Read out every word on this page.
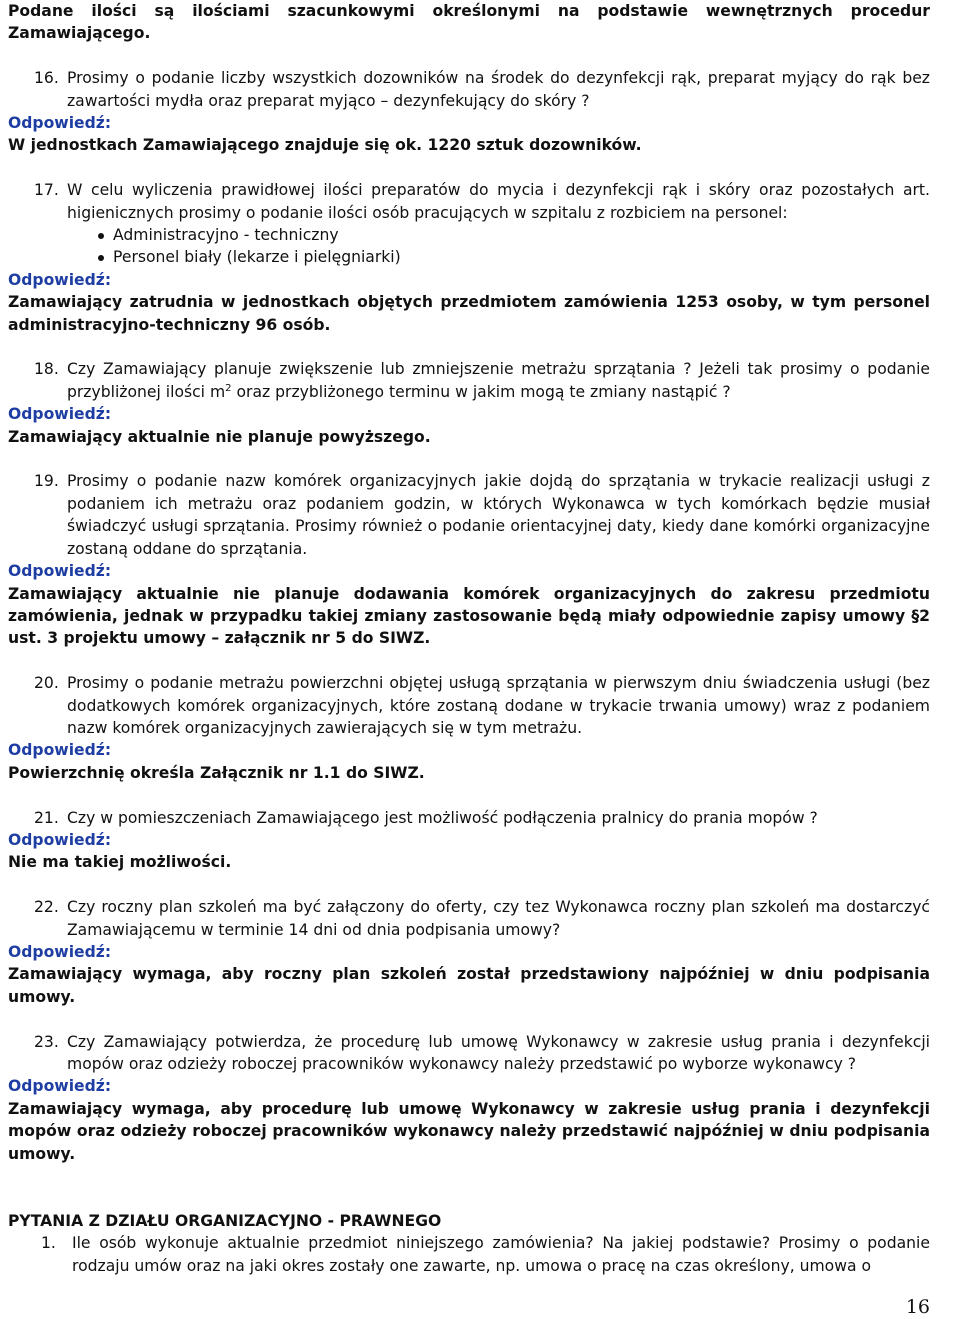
Podane ilości są ilościami szacunkowymi określonymi na podstawie wewnętrznych procedur Zamawiającego.

16. Prosimy o podanie liczby wszystkich dozowników na środek do dezynfekcji rąk, preparat myjący do rąk bez zawartości mydła oraz preparat myjąco – dezynfekujący do skóry ?

Odpowiedź:

W jednostkach Zamawiającego znajduje się ok. 1220 sztuk dozowników.

17. W celu wyliczenia prawidłowej ilości preparatów do mycia i dezynfekcji rąk i skóry oraz pozostałych art. higienicznych prosimy o podanie ilości osób pracujących w szpitalu z rozbiciem na personel:

Administracyjno - techniczny
Personel biały (lekarze i pielęgniarki)

Odpowiedź:

Zamawiający zatrudnia w jednostkach objętych przedmiotem zamówienia 1253 osoby, w tym personel administracyjno-techniczny 96 osób.

18. Czy Zamawiający planuje zwiększenie lub zmniejszenie metrażu sprzątania ? Jeżeli tak prosimy o podanie przybliżonej ilości $m^2$ oraz przybliżonego terminu w jakim mogą te zmiany nastąpić ?

Odpowiedź:

Zamawiający aktualnie nie planuje powyższego.

19. Prosimy o podanie nazw komórek organizacyjnych jakie dojdą do sprzątania w trykacie realizacji usługi z podaniem ich metrażu oraz podaniem godzin, w których Wykonawca w tych komórkach będzie musiał świadczyć usługi sprzątania. Prosimy również o podanie orientacyjnej daty, kiedy dane komórki organizacyjne zostaną oddane do sprzątania.

Odpowiedź:

Zamawiający aktualnie nie planuje dodawania komórek organizacyjnych do zakresu przedmiotu zamówienia, jednak w przypadku takiej zmiany zastosowanie będą miały odpowiednie zapisy umowy §2 ust. 3 projektu umowy – załącznik nr 5 do SIWZ.

20. Prosimy o podanie metrażu powierzchni objętej usługą sprzątania w pierwszym dniu świadczenia usługi (bez dodatkowych komórek organizacyjnych, które zostaną dodane w trykacie trwania umowy) wraz z podaniem nazw komórek organizacyjnych zawierających się w tym metrażu.

Odpowiedź:

Powierzchnię określa Załącznik nr 1.1 do SIWZ.

21. Czy w pomieszczeniach Zamawiającego jest możliwość podłączenia pralnicy do prania mopów ?

Odpowiedź:

Nie ma takiej możliwości.

22. Czy roczny plan szkoleń ma być załączony do oferty, czy tez Wykonawca roczny plan szkoleń ma dostarczyć Zamawiającemu w terminie 14 dni od dnia podpisania umowy?

Odpowiedź:

Zamawiający wymaga, aby roczny plan szkoleń został przedstawiony najpóźniej w dniu podpisania umowy.

23. Czy Zamawiający potwierdza, że procedurę lub umowę Wykonawcy w zakresie usług prania i dezynfekcji mopów oraz odzieży roboczej pracowników wykonawcy należy przedstawić po wyborze wykonawcy ?

Odpowiedź:

Zamawiający wymaga, aby procedurę lub umowę Wykonawcy w zakresie usług prania i dezynfekcji mopów oraz odzieży roboczej pracowników wykonawcy należy przedstawić najpóźniej w dniu podpisania umowy.

PYTANIA Z DZIAŁU ORGANIZACYJNO - PRAWNEGO

1. Ile osób wykonuje aktualnie przedmiot niniejszego zamówienia? Na jakiej podstawie? Prosimy o podanie rodzaju umów oraz na jaki okres zostały one zawarte, np. umowa o pracę na czas określony, umowa o

16
